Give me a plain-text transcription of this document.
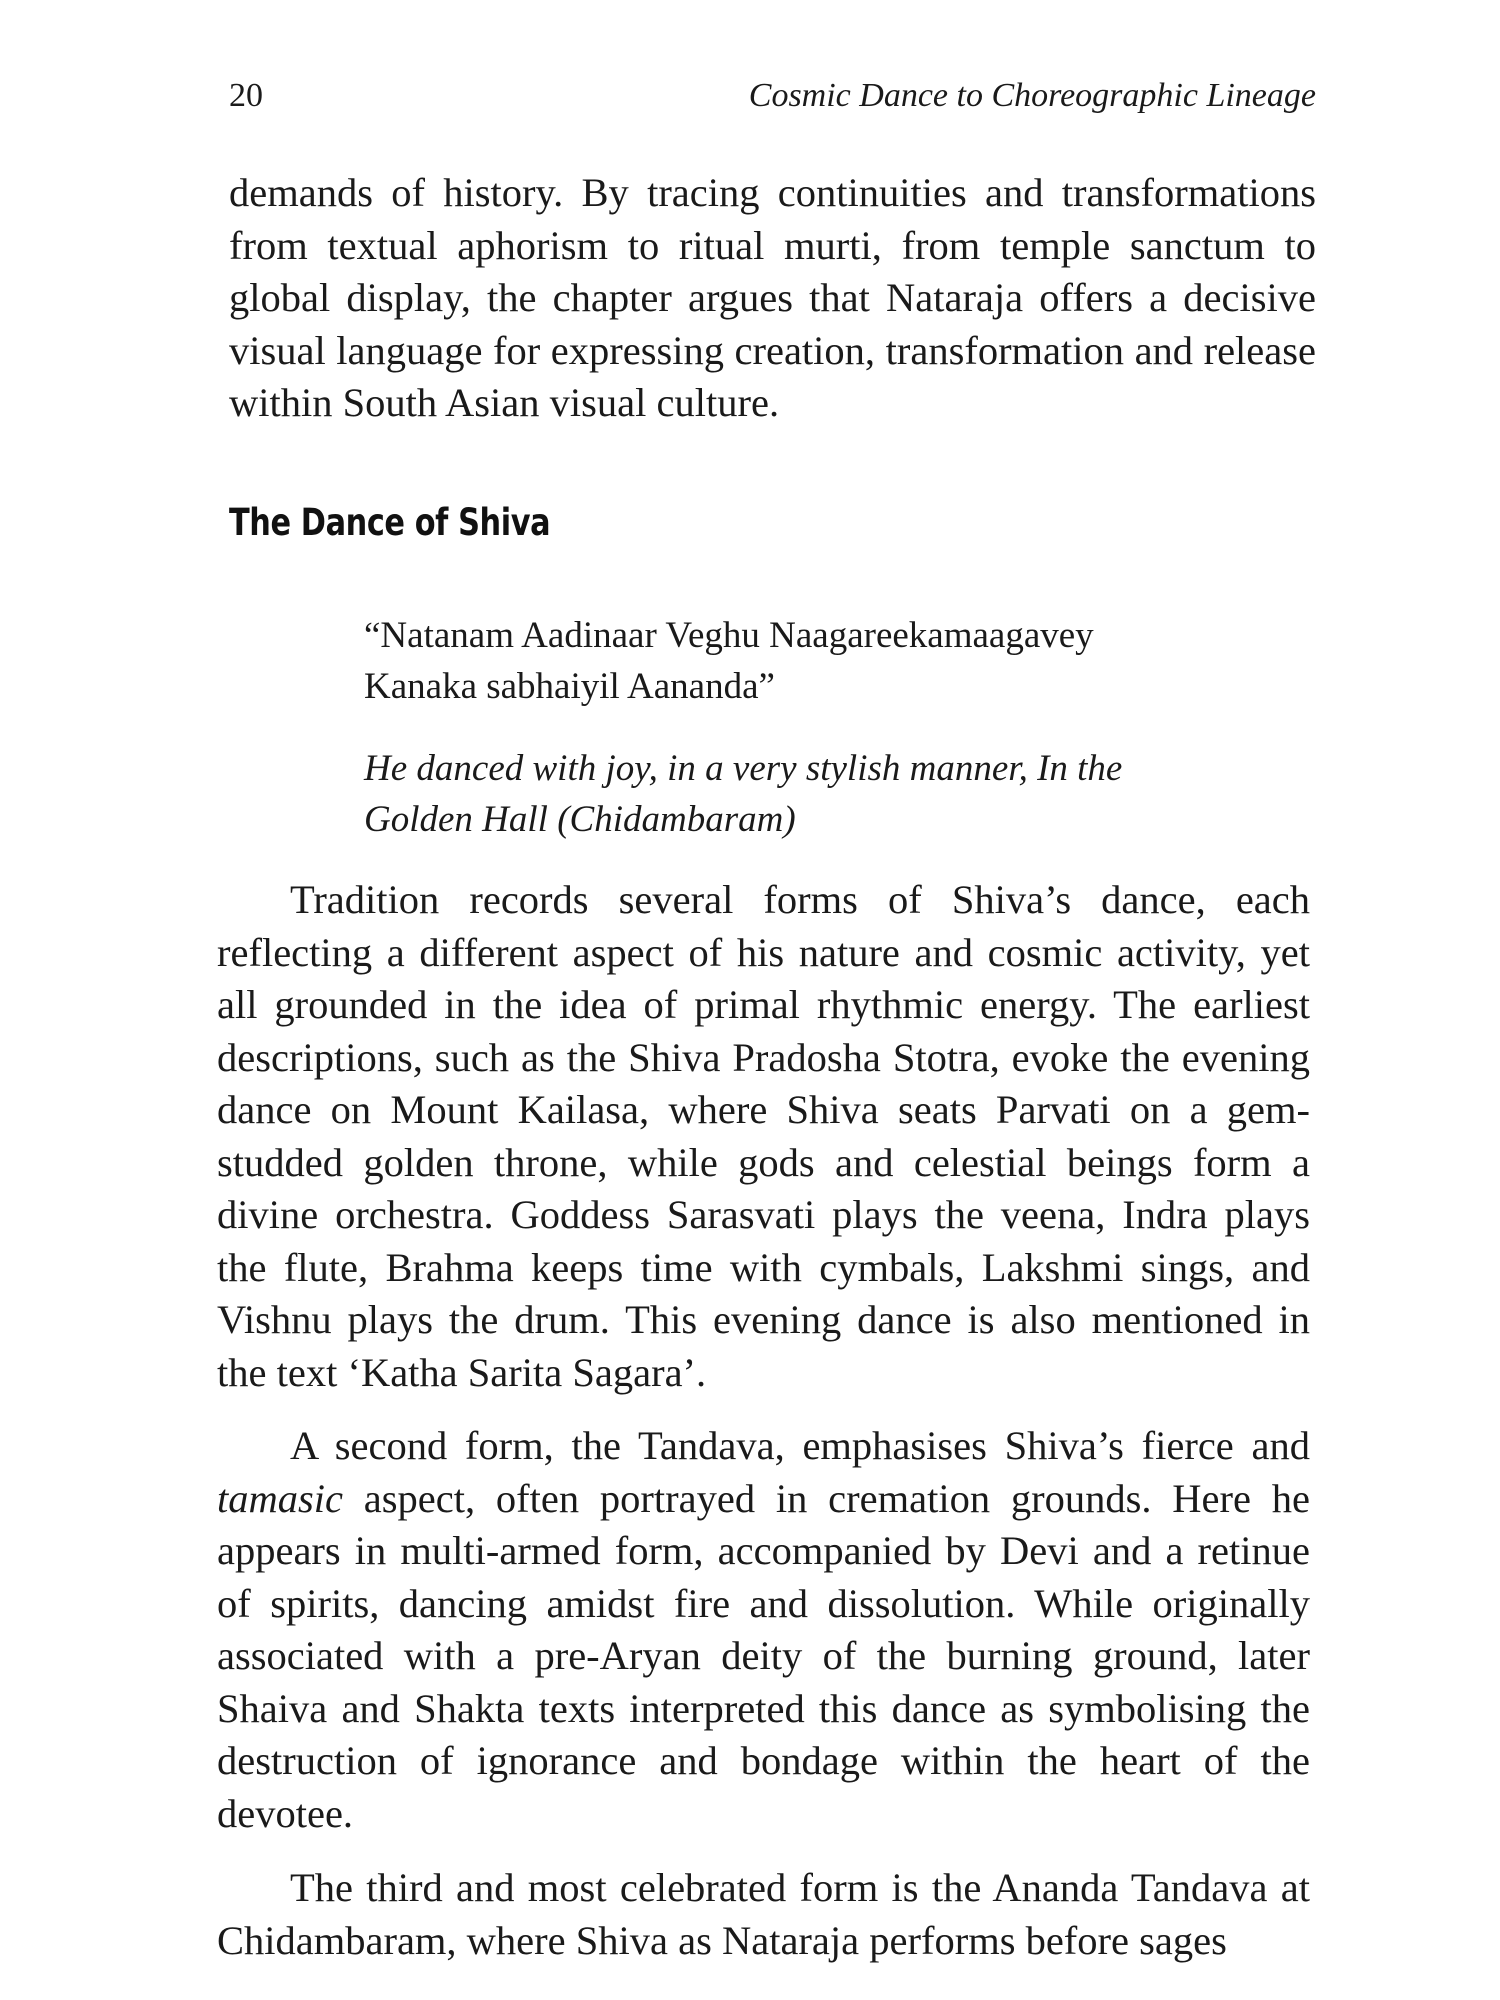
20	Cosmic Dance to Choreographic Lineage

demands of history. By tracing continuities and transformations from textual aphorism to ritual murti, from temple sanctum to global display, the chapter argues that Nataraja offers a decisive visual language for expressing creation, transformation and release within South Asian visual culture.

The Dance of Shiva
“Natanam Aadinaar Veghu Naagareekamaagavey
Kanaka sabhaiyil Aananda”
He danced with joy, in a very stylish manner, In the
Golden Hall (Chidambaram)

Tradition records several forms of Shiva’s dance, each reflecting a different aspect of his nature and cosmic activity, yet all grounded in the idea of primal rhythmic energy. The earliest descriptions, such as the Shiva Pradosha Stotra, evoke the evening dance on Mount Kailasa, where Shiva seats Parvati on a gem-studded golden throne, while gods and celestial beings form a divine orchestra. Goddess Sarasvati plays the veena, Indra plays the flute, Brahma keeps time with cymbals, Lakshmi sings, and Vishnu plays the drum. This evening dance is also mentioned in the text ‘Katha Sarita Sagara’.

A second form, the Tandava, emphasises Shiva’s fierce and tamasic aspect, often portrayed in cremation grounds. Here he appears in multi-armed form, accompanied by Devi and a retinue of spirits, dancing amidst fire and dissolution. While originally associated with a pre-Aryan deity of the burning ground, later Shaiva and Shakta texts interpreted this dance as symbolising the destruction of ignorance and bondage within the heart of the devotee.

The third and most celebrated form is the Ananda Tandava at Chidambaram, where Shiva as Nataraja performs before sages
